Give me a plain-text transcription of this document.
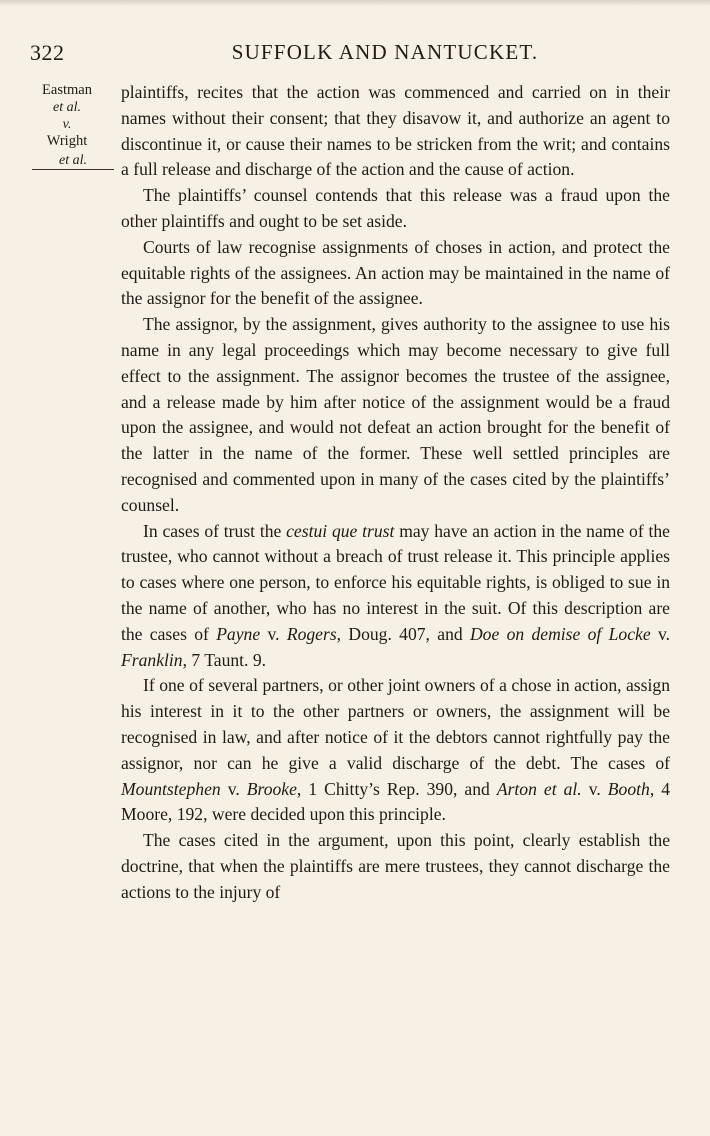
322	SUFFOLK AND NANTUCKET.
Eastman
et al.
v.
Wright
et al.

plaintiffs, recites that the action was commenced and carried on in their names without their consent; that they disavow it, and authorize an agent to discontinue it, or cause their names to be stricken from the writ; and contains a full release and discharge of the action and the cause of action.

The plaintiffs’ counsel contends that this release was a fraud upon the other plaintiffs and ought to be set aside.

Courts of law recognise assignments of choses in action, and protect the equitable rights of the assignees. An action may be maintained in the name of the assignor for the benefit of the assignee.

The assignor, by the assignment, gives authority to the assignee to use his name in any legal proceedings which may become necessary to give full effect to the assignment. The assignor becomes the trustee of the assignee, and a release made by him after notice of the assignment would be a fraud upon the assignee, and would not defeat an action brought for the benefit of the latter in the name of the former. These well settled principles are recognised and commented upon in many of the cases cited by the plaintiffs’ counsel.

In cases of trust the cestui que trust may have an action in the name of the trustee, who cannot without a breach of trust release it. This principle applies to cases where one person, to enforce his equitable rights, is obliged to sue in the name of another, who has no interest in the suit. Of this description are the cases of Payne v. Rogers, Doug. 407, and Doe on demise of Locke v. Franklin, 7 Taunt. 9.

If one of several partners, or other joint owners of a chose in action, assign his interest in it to the other partners or owners, the assignment will be recognised in law, and after notice of it the debtors cannot rightfully pay the assignor, nor can he give a valid discharge of the debt. The cases of Mountstephen v. Brooke, 1 Chitty’s Rep. 390, and Arton et al. v. Booth, 4 Moore, 192, were decided upon this principle.

The cases cited in the argument, upon this point, clearly establish the doctrine, that when the plaintiffs are mere trustees, they cannot discharge the actions to the injury of
